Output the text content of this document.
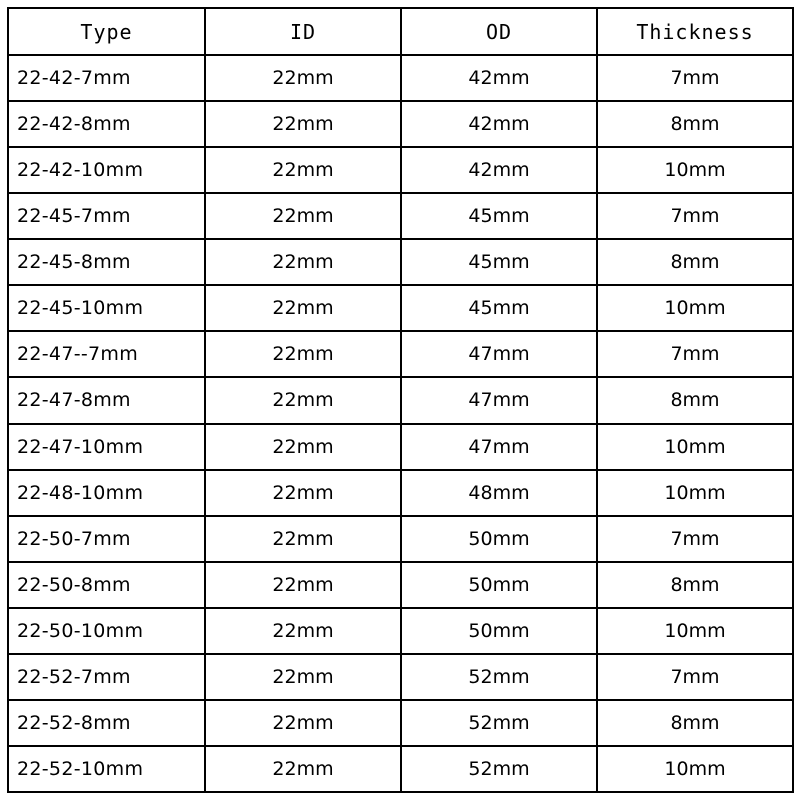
Type	ID	OD	Thickness
22-42-7mm	22mm	42mm	7mm
22-42-8mm	22mm	42mm	8mm
22-42-10mm	22mm	42mm	10mm
22-45-7mm	22mm	45mm	7mm
22-45-8mm	22mm	45mm	8mm
22-45-10mm	22mm	45mm	10mm
22-47--7mm	22mm	47mm	7mm
22-47-8mm	22mm	47mm	8mm
22-47-10mm	22mm	47mm	10mm
22-48-10mm	22mm	48mm	10mm
22-50-7mm	22mm	50mm	7mm
22-50-8mm	22mm	50mm	8mm
22-50-10mm	22mm	50mm	10mm
22-52-7mm	22mm	52mm	7mm
22-52-8mm	22mm	52mm	8mm
22-52-10mm	22mm	52mm	10mm
